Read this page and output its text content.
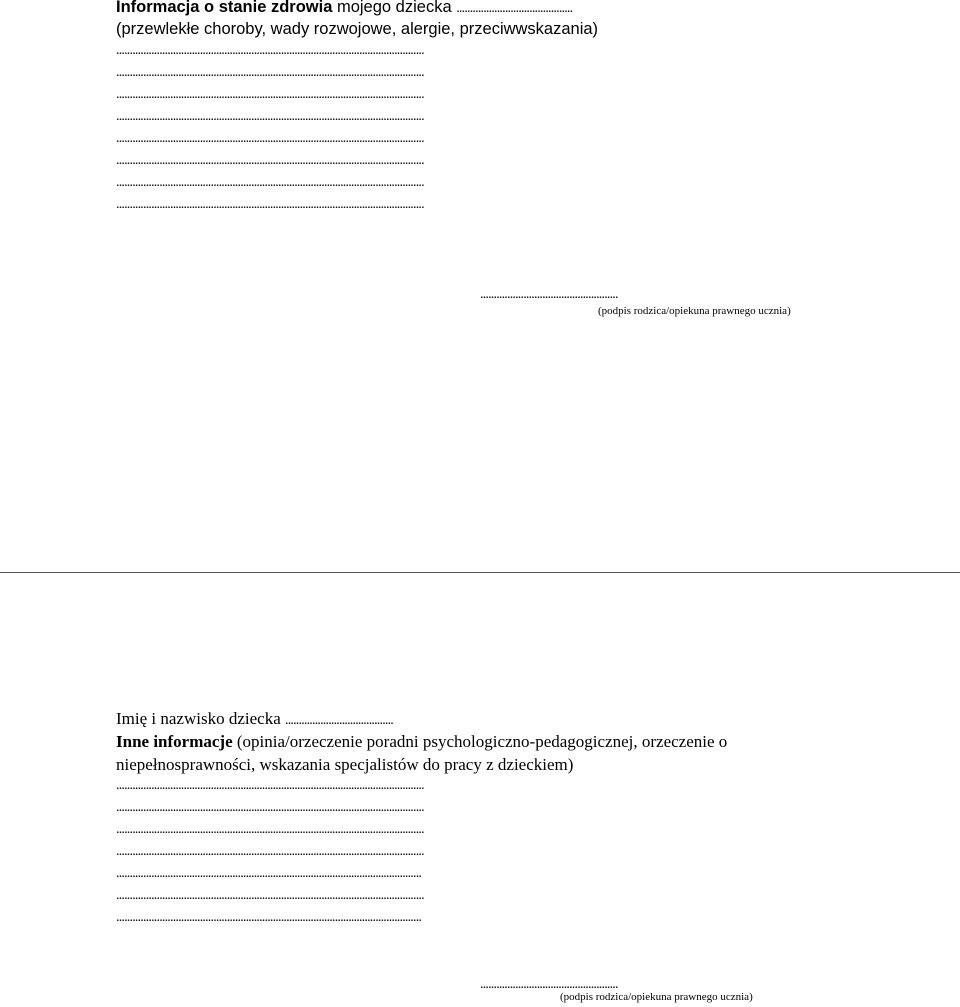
Informacja o stanie zdrowia mojego dziecka ...........................................
(przewlekłe choroby, wady rozwojowe, alergie, przeciwwskazania)
..................................................................................................................
..................................................................................................................
..................................................................................................................
..................................................................................................................
..................................................................................................................
..................................................................................................................
..................................................................................................................
..................................................................................................................
...................................................
(podpis rodzica/opiekuna prawnego ucznia)
Imię i nazwisko dziecka ........................................
Inne informacje (opinia/orzeczenie poradni psychologiczno-pedagogicznej, orzeczenie o
niepełnosprawności, wskazania specjalistów do pracy z dzieckiem)
..................................................................................................................
..................................................................................................................
..................................................................................................................
..................................................................................................................
.................................................................................................................
..................................................................................................................
.................................................................................................................
...................................................
(podpis rodzica/opiekuna prawnego ucznia)
